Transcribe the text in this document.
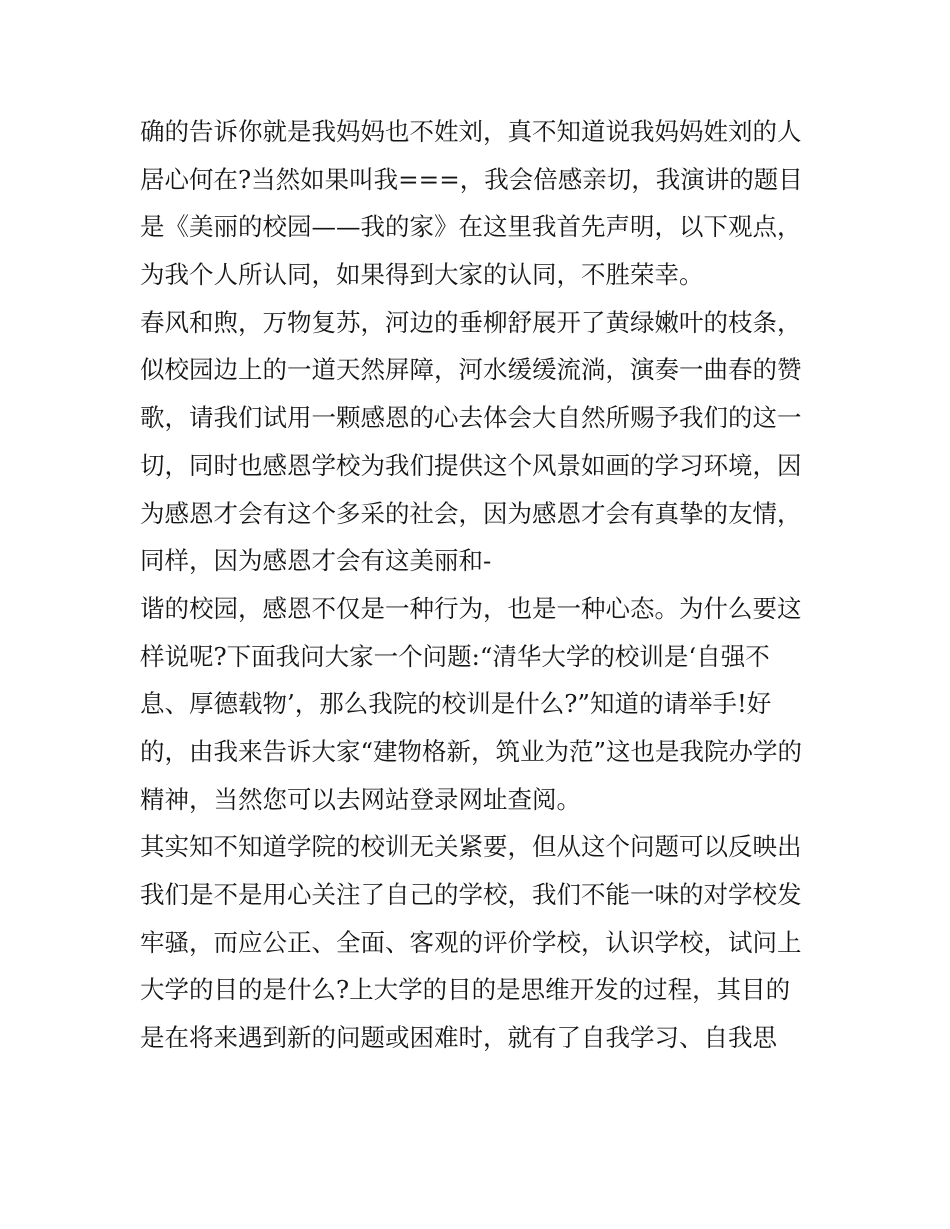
确的告诉你就是我妈妈也不姓刘，真不知道说我妈妈姓刘的人
居心何在?当然如果叫我===，我会倍感亲切，我演讲的题目
是《美丽的校园——我的家》在这里我首先声明，以下观点，
为我个人所认同，如果得到大家的认同，不胜荣幸。
春风和煦，万物复苏，河边的垂柳舒展开了黄绿嫩叶的枝条，
似校园边上的一道天然屏障，河水缓缓流淌，演奏一曲春的赞
歌，请我们试用一颗感恩的心去体会大自然所赐予我们的这一
切，同时也感恩学校为我们提供这个风景如画的学习环境，因
为感恩才会有这个多采的社会，因为感恩才会有真挚的友情，
同样，因为感恩才会有这美丽和-
谐的校园，感恩不仅是一种行为，也是一种心态。为什么要这
样说呢?下面我问大家一个问题:“清华大学的校训是‘自强不
息、厚德载物’，那么我院的校训是什么?”知道的请举手!好
的，由我来告诉大家“建物格新，筑业为范”这也是我院办学的
精神，当然您可以去网站登录网址查阅。
其实知不知道学院的校训无关紧要，但从这个问题可以反映出
我们是不是用心关注了自己的学校，我们不能一味的对学校发
牢骚，而应公正、全面、客观的评价学校，认识学校，试问上
大学的目的是什么?上大学的目的是思维开发的过程，其目的
是在将来遇到新的问题或困难时，就有了自我学习、自我思
